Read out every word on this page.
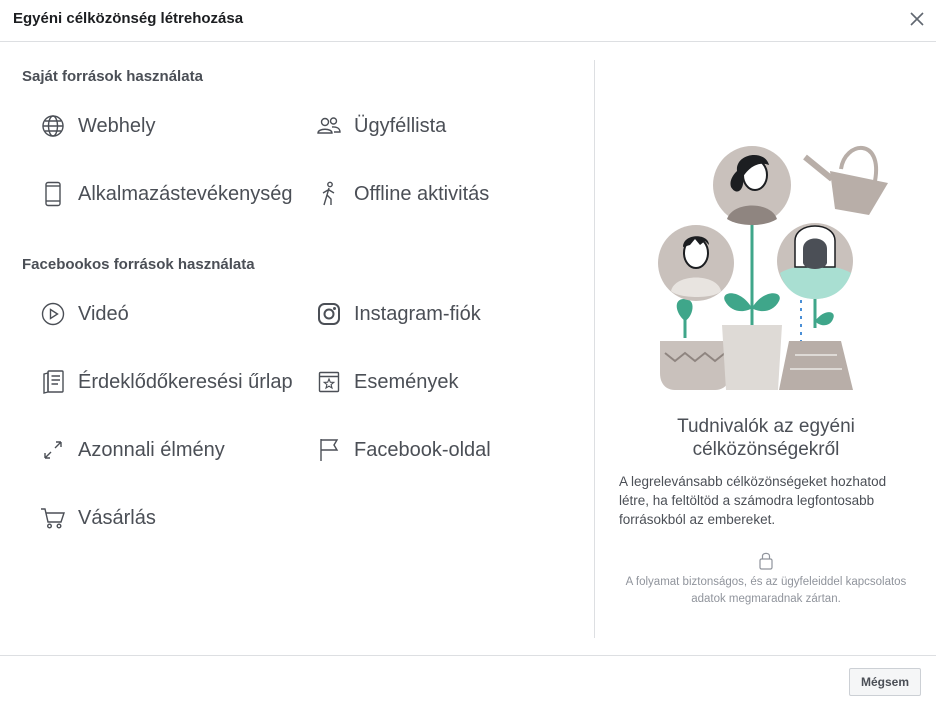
Egyéni célközönség létrehozása
Saját források használata
Webhely	Ügyféllista
Alkalmazástevékenység	Offline aktivitás
Facebookos források használata
Videó	Instagram-fiók
Érdeklődőkeresési űrlap	Események
Azonnali élmény	Facebook-oldal
Vásárlás
Tudnivalók az egyéni célközönségekről
A legrelevánsabb célközönségeket hozhatod létre, ha feltöltöd a számodra legfontosabb forrásokból az embereket.
A folyamat biztonságos, és az ügyfeleiddel kapcsolatos adatok megmaradnak zártan.
Mégsem
